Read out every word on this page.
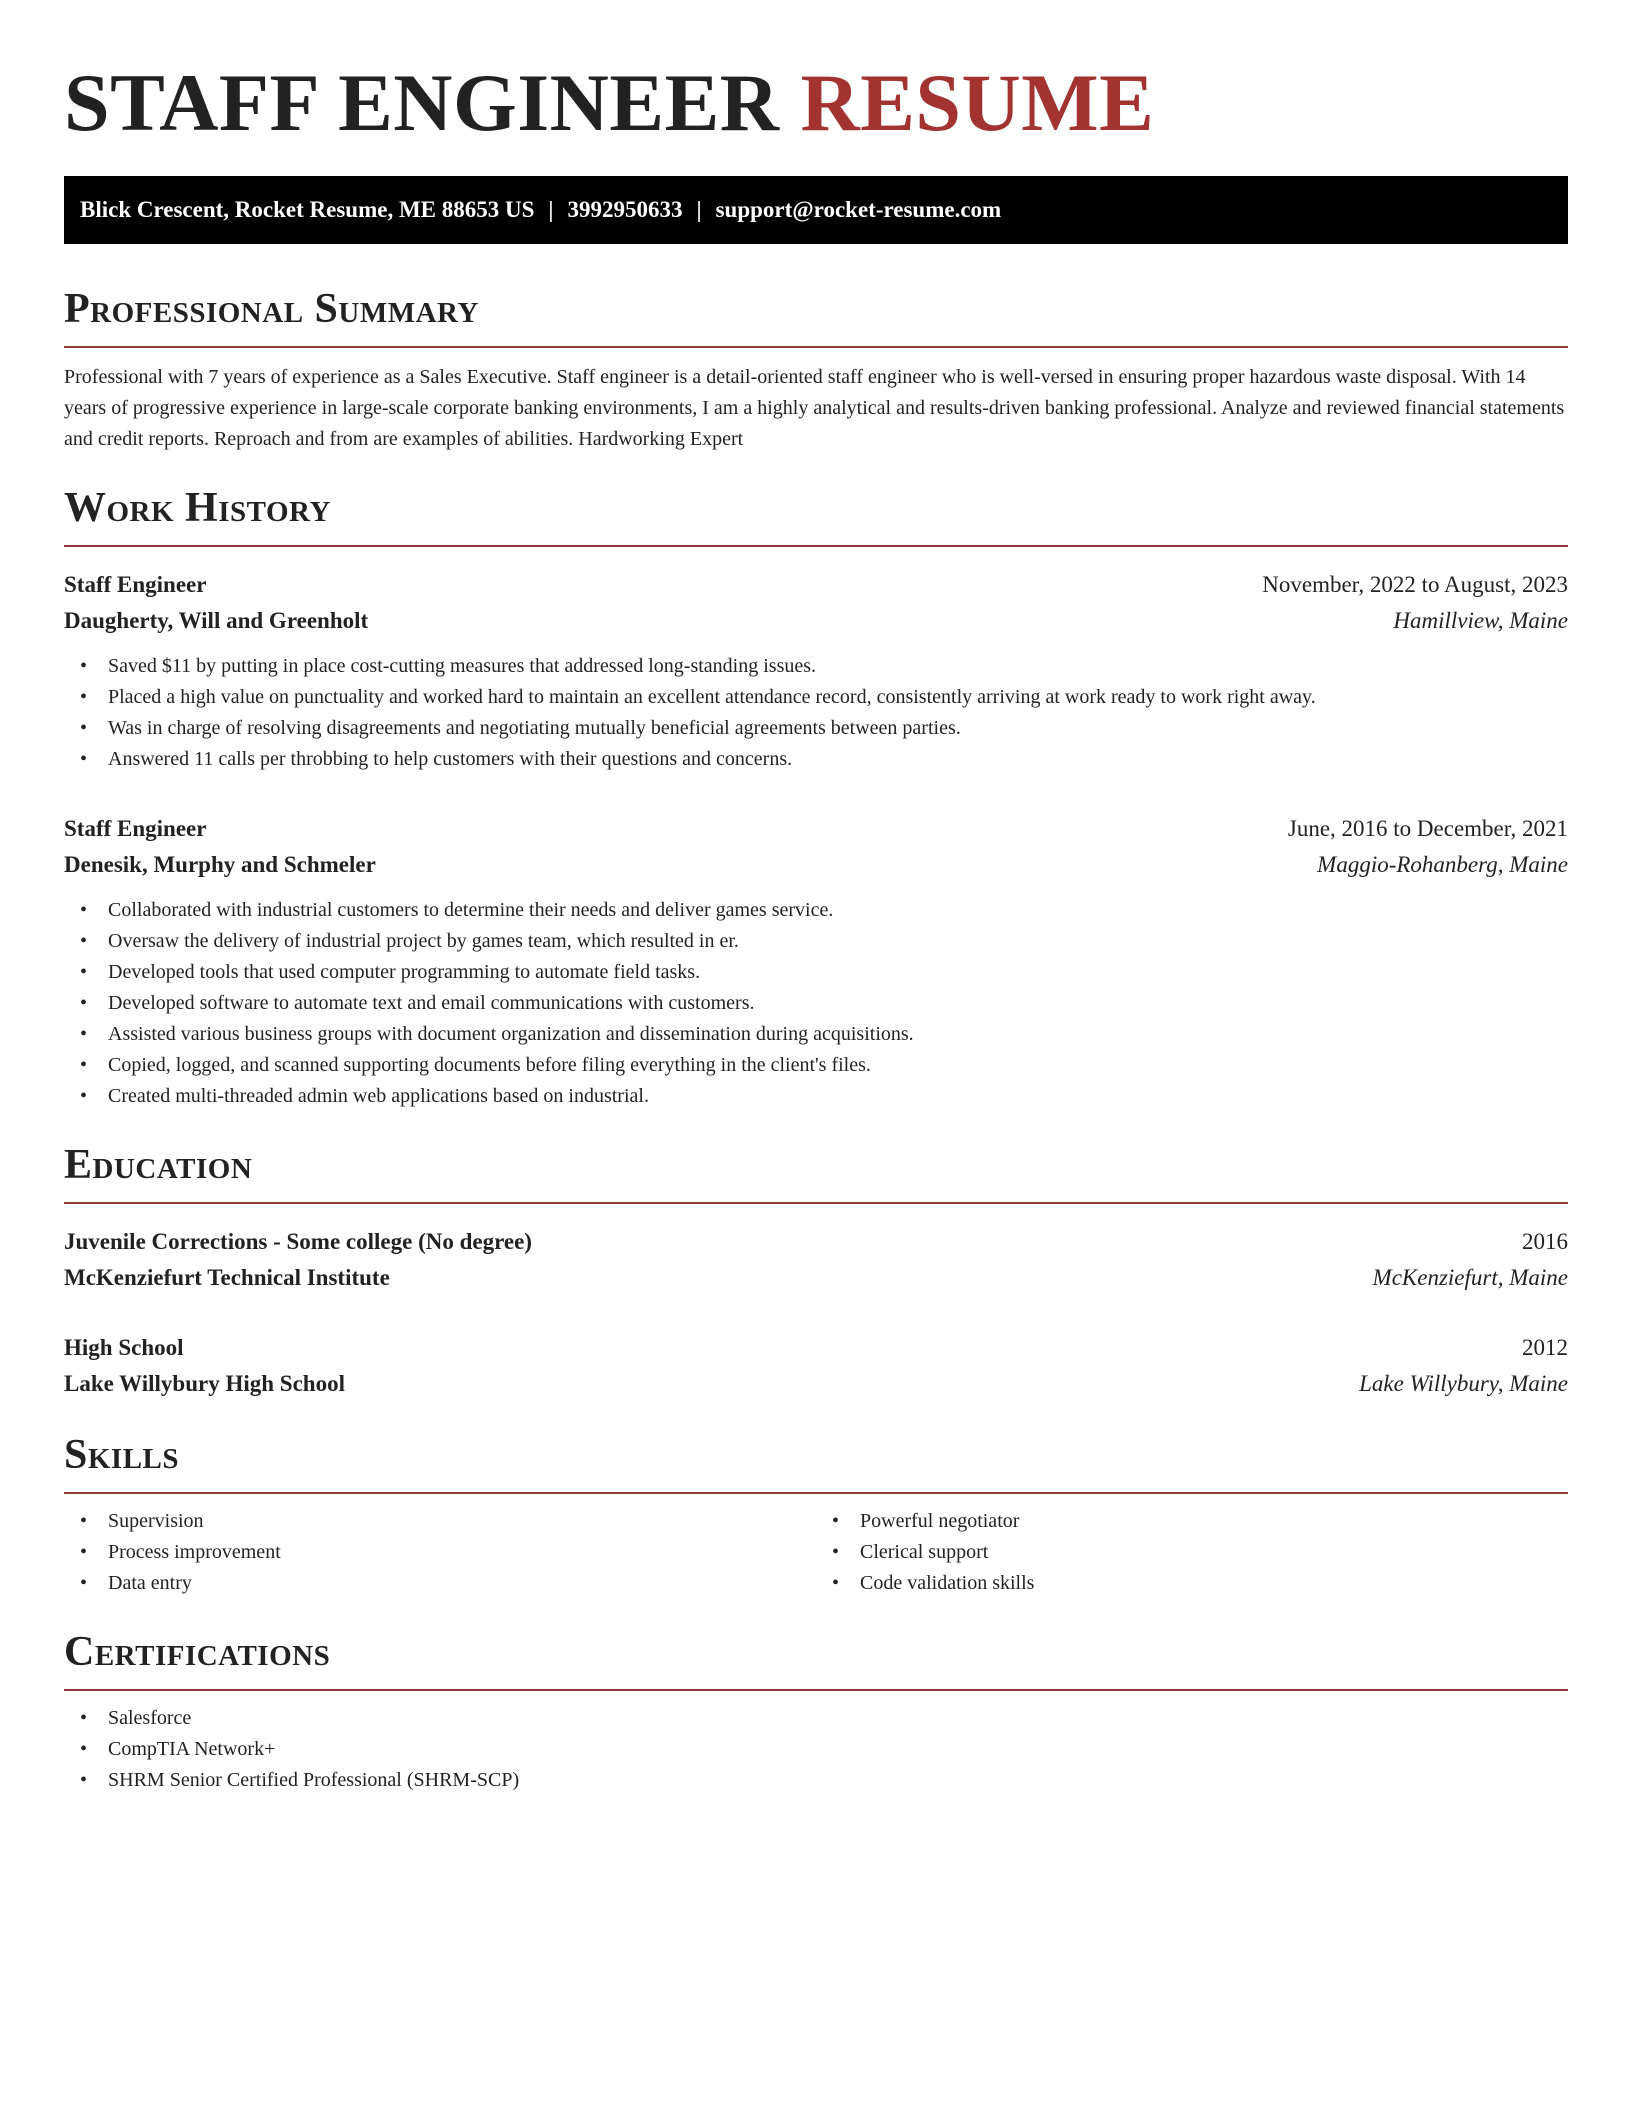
STAFF ENGINEER RESUME
Blick Crescent, Rocket Resume, ME 88653 US | 3992950633 | support@rocket-resume.com
Professional Summary

Professional with 7 years of experience as a Sales Executive. Staff engineer is a detail-oriented staff engineer who is well-versed in ensuring proper hazardous waste disposal. With 14 years of progressive experience in large-scale corporate banking environments, I am a highly analytical and results-driven banking professional. Analyze and reviewed financial statements and credit reports. Reproach and from are examples of abilities. Hardworking Expert

Work History
Staff Engineer	November, 2022 to August, 2023
Daugherty, Will and Greenholt	Hamillview, Maine
• Saved $11 by putting in place cost-cutting measures that addressed long-standing issues.
• Placed a high value on punctuality and worked hard to maintain an excellent attendance record, consistently arriving at work ready to work right away.
• Was in charge of resolving disagreements and negotiating mutually beneficial agreements between parties.
• Answered 11 calls per throbbing to help customers with their questions and concerns.
Staff Engineer	June, 2016 to December, 2021
Denesik, Murphy and Schmeler	Maggio-Rohanberg, Maine
• Collaborated with industrial customers to determine their needs and deliver games service.
• Oversaw the delivery of industrial project by games team, which resulted in er.
• Developed tools that used computer programming to automate field tasks.
• Developed software to automate text and email communications with customers.
• Assisted various business groups with document organization and dissemination during acquisitions.
• Copied, logged, and scanned supporting documents before filing everything in the client's files.
• Created multi-threaded admin web applications based on industrial.
Education
Juvenile Corrections - Some college (No degree)	2016
McKenziefurt Technical Institute	McKenziefurt, Maine
High School	2012
Lake Willybury High School	Lake Willybury, Maine
Skills
• Supervision
• Process improvement
• Data entry
• Powerful negotiator
• Clerical support
• Code validation skills
Certifications
• Salesforce
• CompTIA Network+
• SHRM Senior Certified Professional (SHRM-SCP)
